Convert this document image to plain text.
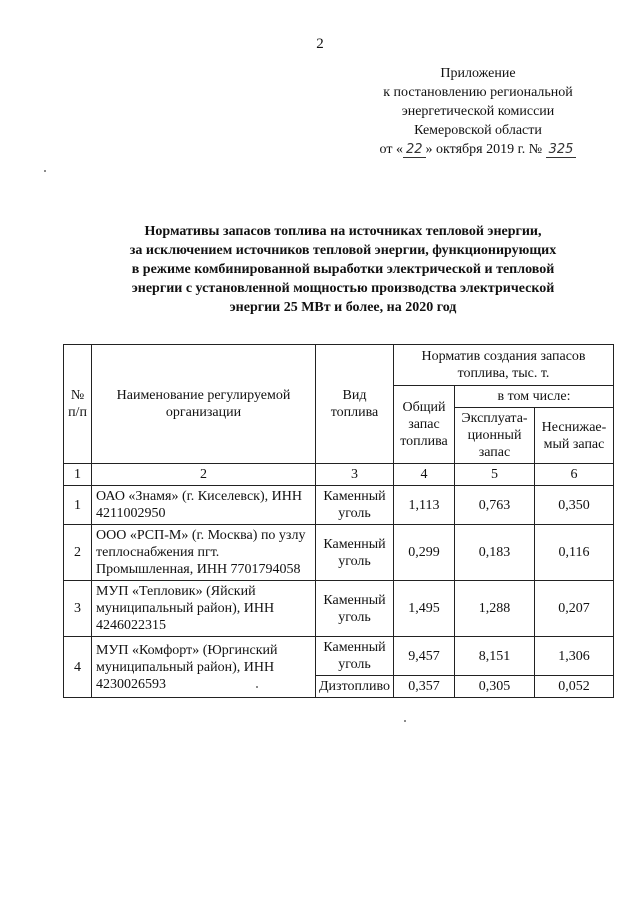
2
Приложение
к постановлению региональной
энергетической комиссии
Кемеровской области
от « 22 » октября 2019 г. № 325
Нормативы запасов топлива на источниках тепловой энергии,
за исключением источников тепловой энергии, функционирующих
в режиме комбинированной выработки электрической и тепловой
энергии с установленной мощностью производства электрической
энергии 25 МВт и более, на 2020 год
№ п/п	Наименование регулируемой организации	Вид топлива	Норматив создания запасов топлива, тыс. т.		
			Общий запас топлива	в том числе:	
				Эксплуата-ционный запас	Неснижае-мый запас
1	2	3	4	5	6
1	ОАО «Знамя» (г. Киселевск), ИНН 4211002950	Каменный уголь	1,113	0,763	0,350
2	ООО «РСП-М» (г. Москва) по узлу теплоснабжения пгт. Промышленная, ИНН 7701794058	Каменный уголь	0,299	0,183	0,116
3	МУП «Тепловик» (Яйский муниципальный район), ИНН 4246022315	Каменный уголь	1,495	1,288	0,207
4	МУП «Комфорт» (Юргинский муниципальный район), ИНН 4230026593	Каменный уголь	9,457	8,151	1,306
		Дизтопливо	0,357	0,305	0,052
